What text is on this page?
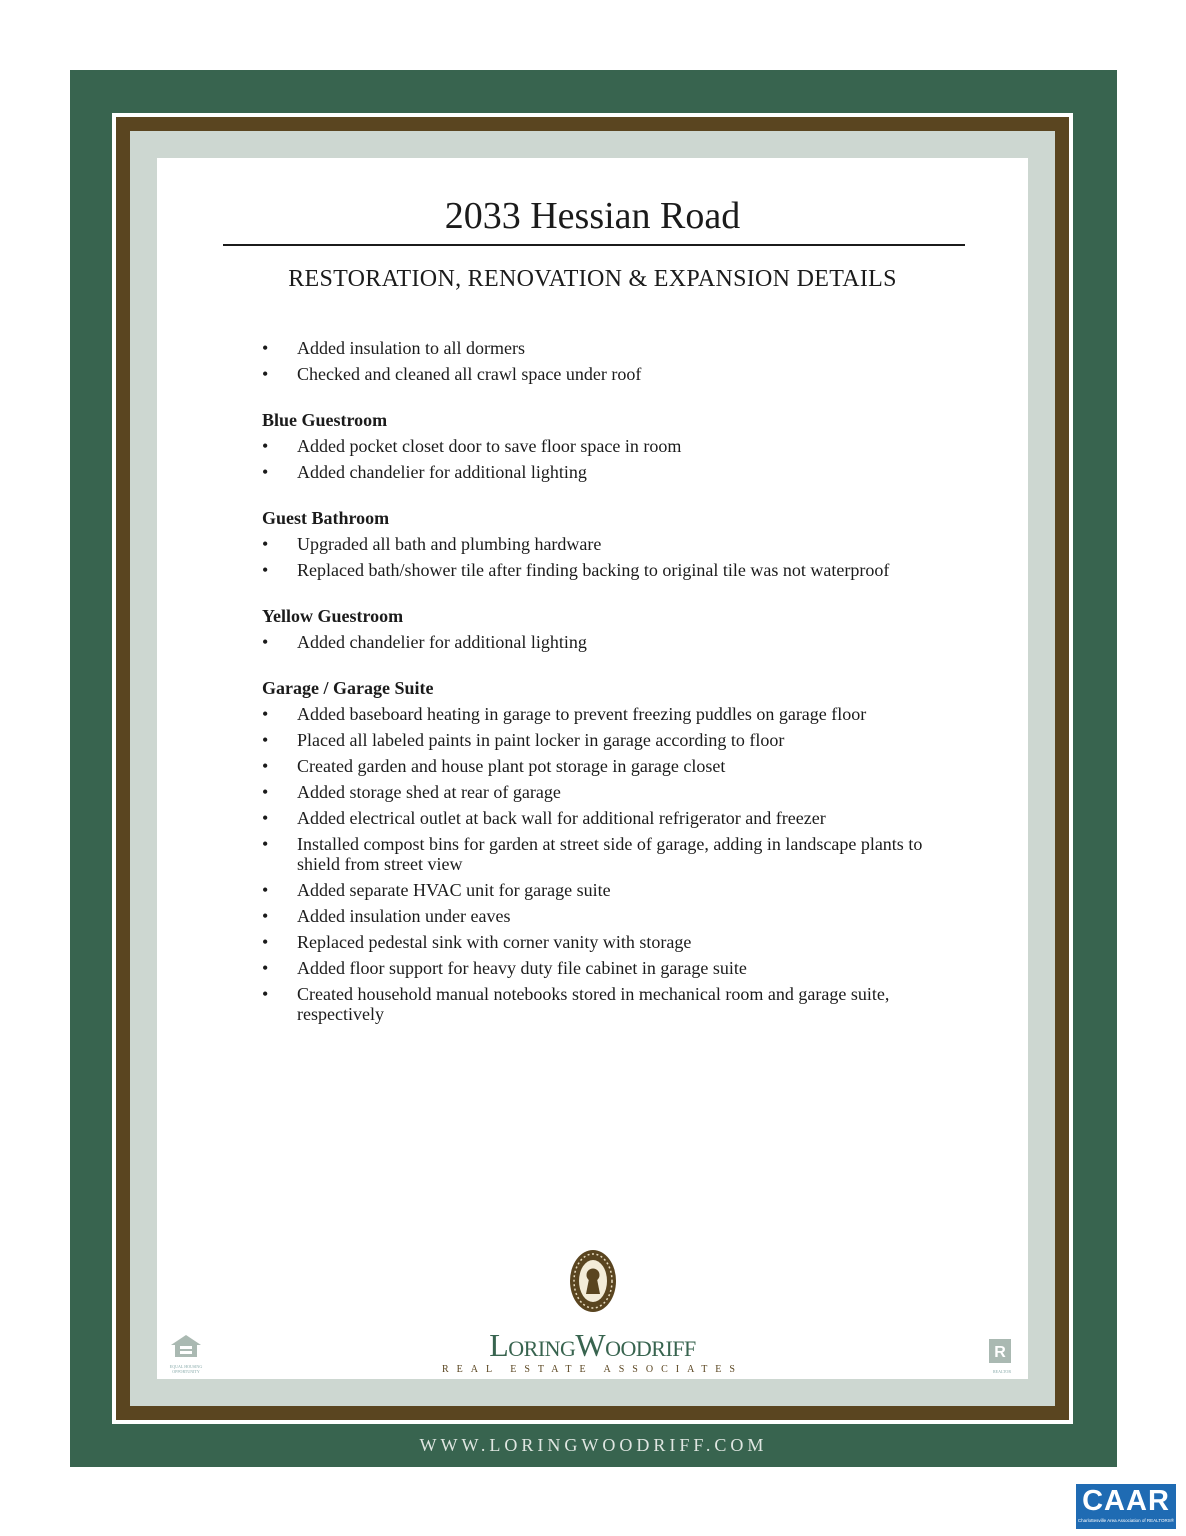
2033 Hessian Road
RESTORATION, RENOVATION & EXPANSION DETAILS
• Added insulation to all dormers
• Checked and cleaned all crawl space under roof
Blue Guestroom
• Added pocket closet door to save floor space in room
• Added chandelier for additional lighting
Guest Bathroom
• Upgraded all bath and plumbing hardware
• Replaced bath/shower tile after finding backing to original tile was not waterproof
Yellow Guestroom
• Added chandelier for additional lighting
Garage / Garage Suite
• Added baseboard heating in garage to prevent freezing puddles on garage floor
• Placed all labeled paints in paint locker in garage according to floor
• Created garden and house plant pot storage in garage closet
• Added storage shed at rear of garage
• Added electrical outlet at back wall for additional refrigerator and freezer
• Installed compost bins for garden at street side of garage, adding in landscape plants to shield from street view
• Added separate HVAC unit for garage suite
• Added insulation under eaves
• Replaced pedestal sink with corner vanity with storage
• Added floor support for heavy duty file cabinet in garage suite
• Created household manual notebooks stored in mechanical room and garage suite, respectively
LoringWoodriff
REAL ESTATE ASSOCIATES
EQUAL HOUSING OPPORTUNITY
R
REALTOR
WWW.LORINGWOODRIFF.COM
CAAR
Charlottesville Area Association of REALTORS®
